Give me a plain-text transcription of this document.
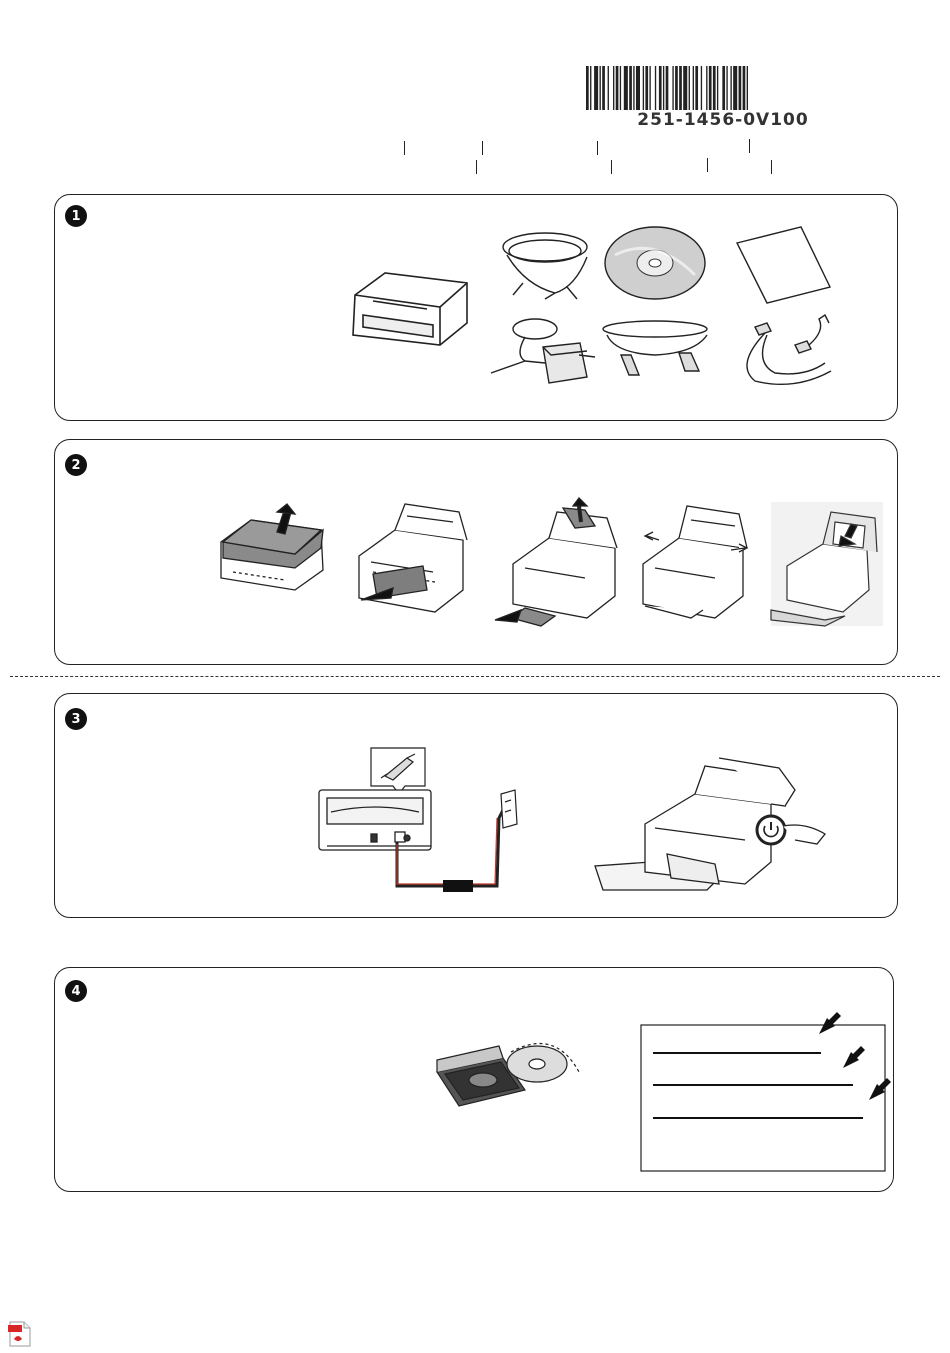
251-1456-0V100
1
2
3
4
